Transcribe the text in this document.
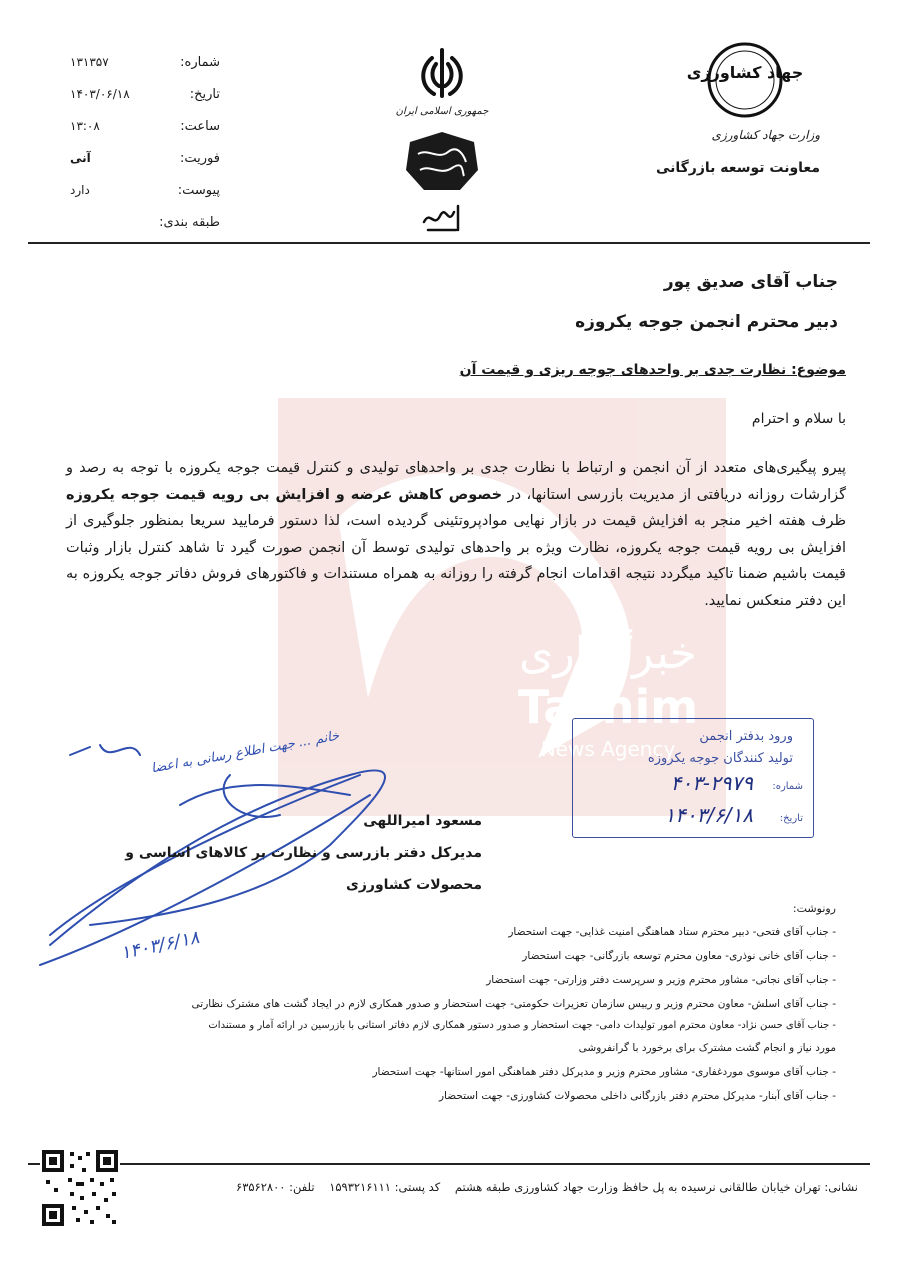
شماره:
۱۳۱۳۵۷
تاریخ:
۱۴۰۳/۰۶/۱۸
ساعت:
۱۳:۰۸
فوریت:
آنی
پیوست:
دارد
طبقه بندی:
جمهوری اسلامی ایران
جهاد کشاورزی
وزارت جهاد کشاورزی
معاونت توسعه بازرگانی
خبرگزاری
Tasnim
News Agency
جناب آقای صدیق پور
دبیر محترم انجمن جوجه یکروزه
موضوع: نظارت جدی بر واحدهای جوجه ریزی و قیمت آن
با سلام و احترام
پیرو پیگیری‌های متعدد از آن انجمن و ارتباط با نظارت جدی بر واحدهای تولیدی و کنترل قیمت جوجه یکروزه با توجه به رصد و گزارشات روزانه دریافتی از مدیریت بازرسی استانها، در خصوص کاهش عرضه و افزایش بی رویه قیمت جوجه یکروزه ظرف هفته اخیر منجر به افزایش قیمت در بازار نهایی موادپروتئینی گردیده است، لذا دستور فرمایید سریعا بمنظور جلوگیری از افزایش بی رویه قیمت جوجه یکروزه، نظارت ویژه بر واحدهای تولیدی توسط آن انجمن صورت گیرد تا شاهد کنترل بازار وثبات قیمت باشیم ضمنا تاکید میگردد نتیجه اقدامات انجام گرفته را روزانه به همراه مستندات و فاکتورهای فروش دفاتر جوجه یکروزه به این دفتر منعکس نمایید.
ورود بدفتر انجمن
تولید کنندگان جوجه یکروزه
شماره:
۴۰۳-۲۹۷۹
تاریخ:
۱۴۰۳/۶/۱۸
خانم ... جهت اطلاع رسانی به اعضا
۱۴۰۳/۶/۱۸
مسعود امیراللهی
مدیرکل دفتر بازرسی و نظارت بر کالاهای اساسی و
محصولات کشاورزی
رونوشت:
- جناب آقای فتحی- دبیر محترم ستاد هماهنگی امنیت غذایی- جهت استحضار
- جناب آقای خانی نوذری- معاون محترم توسعه بازرگانی- جهت استحضار
- جناب آقای نجاتی- مشاور محترم وزیر و سرپرست دفتر وزارتی- جهت استحضار
- جناب آقای اسلش- معاون محترم وزیر و رییس سازمان تعزیرات حکومتی- جهت استحضار و صدور همکاری لازم در ایجاد گشت های مشترک نظارتی
- جناب آقای حسن نژاد- معاون محترم امور تولیدات دامی- جهت استحضار و صدور دستور همکاری لازم دفاتر استانی با بازرسین در ارائه آمار و مستندات
مورد نیاز و انجام گشت مشترک برای برخورد با گرانفروشی
- جناب آقای موسوی مورد‌غفاری- مشاور محترم وزیر و مدیرکل دفتر هماهنگی امور استانها- جهت استحضار
- جناب آقای آبنار- مدیرکل محترم دفتر بازرگانی داخلی محصولات کشاورزی- جهت استحضار
نشانی: تهران خیابان طالقانی نرسیده به پل حافظ وزارت جهاد کشاورزی طبقه هشتم    کد پستی: ۱۵۹۳۲۱۶۱۱۱    تلفن: ۶۳۵۶۲۸۰۰
